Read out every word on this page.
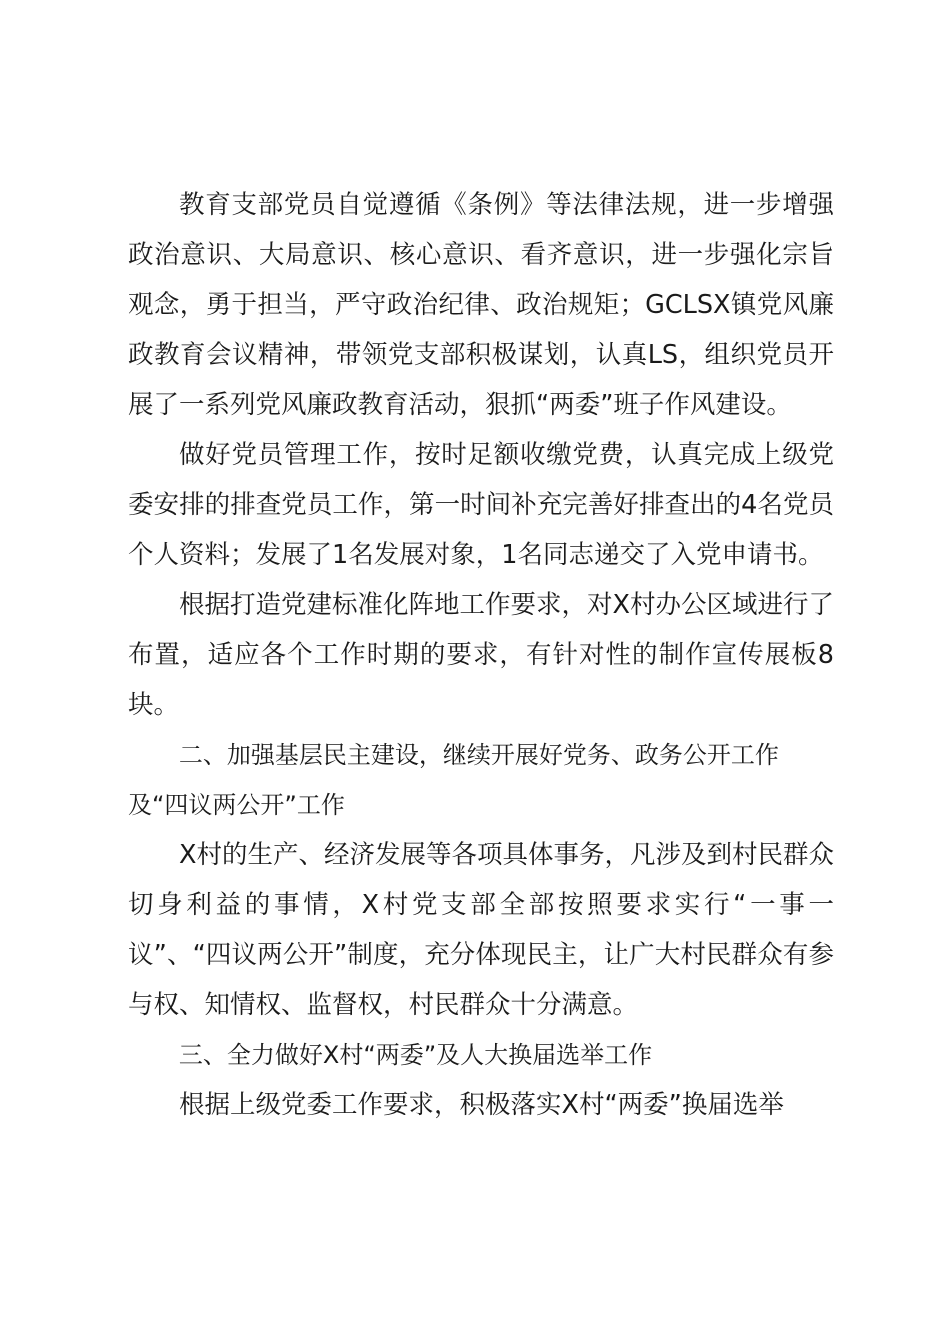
教育支部党员自觉遵循《条例》等法律法规，进一步增强政治意识、大局意识、核心意识、看齐意识，进一步强化宗旨观念，勇于担当，严守政治纪律、政治规矩；GCLSX镇党风廉政教育会议精神，带领党支部积极谋划，认真LS，组织党员开展了一系列党风廉政教育活动，狠抓“两委”班子作风建设。

做好党员管理工作，按时足额收缴党费，认真完成上级党委安排的排查党员工作，第一时间补充完善好排查出的4名党员个人资料；发展了1名发展对象，1名同志递交了入党申请书。

根据打造党建标准化阵地工作要求，对X村办公区域进行了布置，适应各个工作时期的要求，有针对性的制作宣传展板8块。

二、加强基层民主建设，继续开展好党务、政务公开工作及“四议两公开”工作

X村的生产、经济发展等各项具体事务，凡涉及到村民群众切身利益的事情，X村党支部全部按照要求实行“一事一议”、“四议两公开”制度，充分体现民主，让广大村民群众有参与权、知情权、监督权，村民群众十分满意。

三、全力做好X村“两委”及人大换届选举工作

根据上级党委工作要求，积极落实X村“两委”换届选举
